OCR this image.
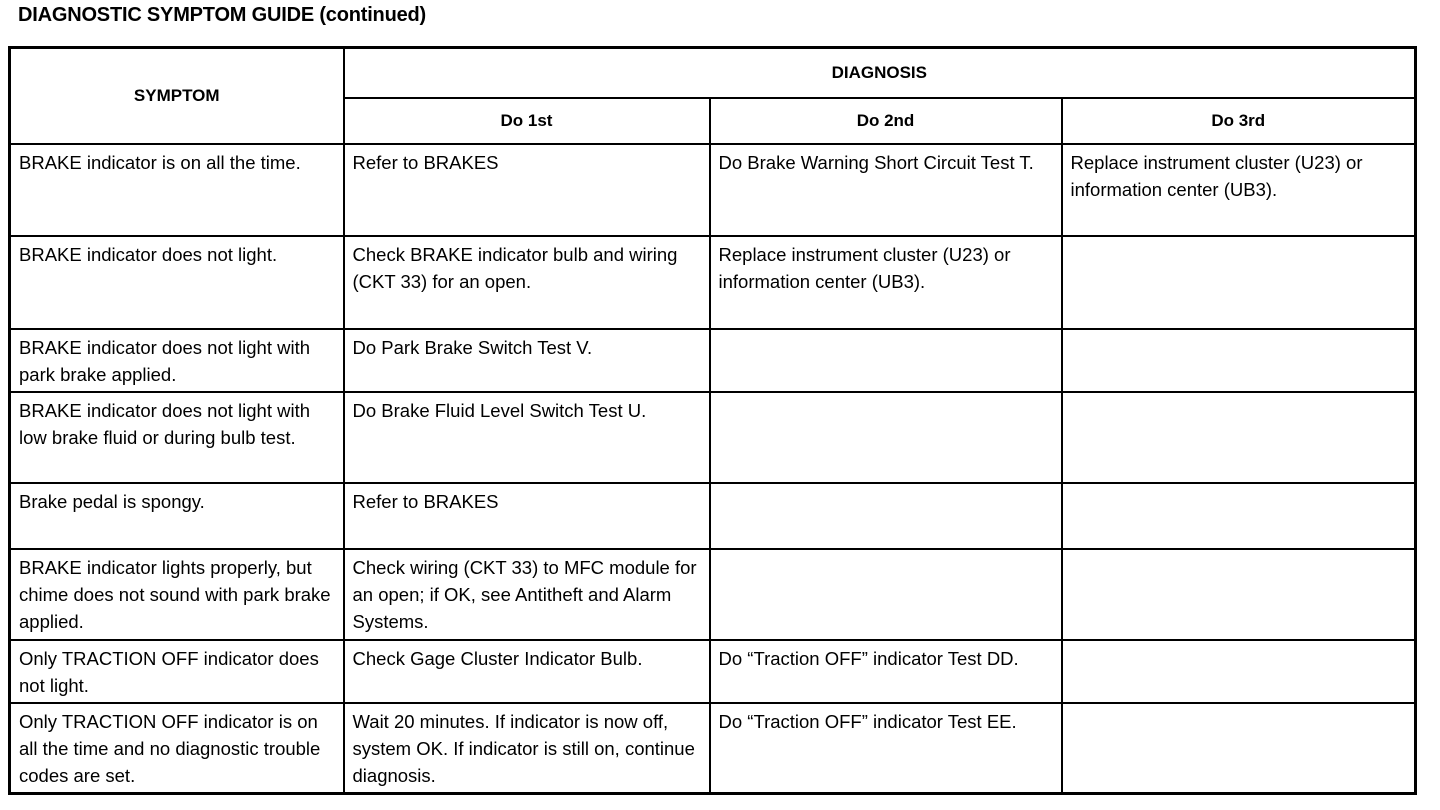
DIAGNOSTIC SYMPTOM GUIDE (continued)
SYMPTOM	DIAGNOSIS		
	Do 1st	Do 2nd	Do 3rd
BRAKE indicator is on all the time.	Refer to BRAKES	Do Brake Warning Short Circuit Test T.	Replace instrument cluster (U23) or information center (UB3).
BRAKE indicator does not light.	Check BRAKE indicator bulb and wiring (CKT 33) for an open.	Replace instrument cluster (U23) or information center (UB3).	
BRAKE indicator does not light with park brake applied.	Do Park Brake Switch Test V.		
BRAKE indicator does not light with low brake fluid or during bulb test.	Do Brake Fluid Level Switch Test U.		
Brake pedal is spongy.	Refer to BRAKES		
BRAKE indicator lights properly, but chime does not sound with park brake applied.	Check wiring (CKT 33) to MFC module for an open; if OK, see Antitheft and Alarm Systems.		
Only TRACTION OFF indicator does not light.	Check Gage Cluster Indicator Bulb.	Do “Traction OFF” indicator Test DD.	
Only TRACTION OFF indicator is on all the time and no diagnostic trouble codes are set.	Wait 20 minutes. If indicator is now off, system OK. If indicator is still on, continue diagnosis.	Do “Traction OFF” indicator Test EE.	
